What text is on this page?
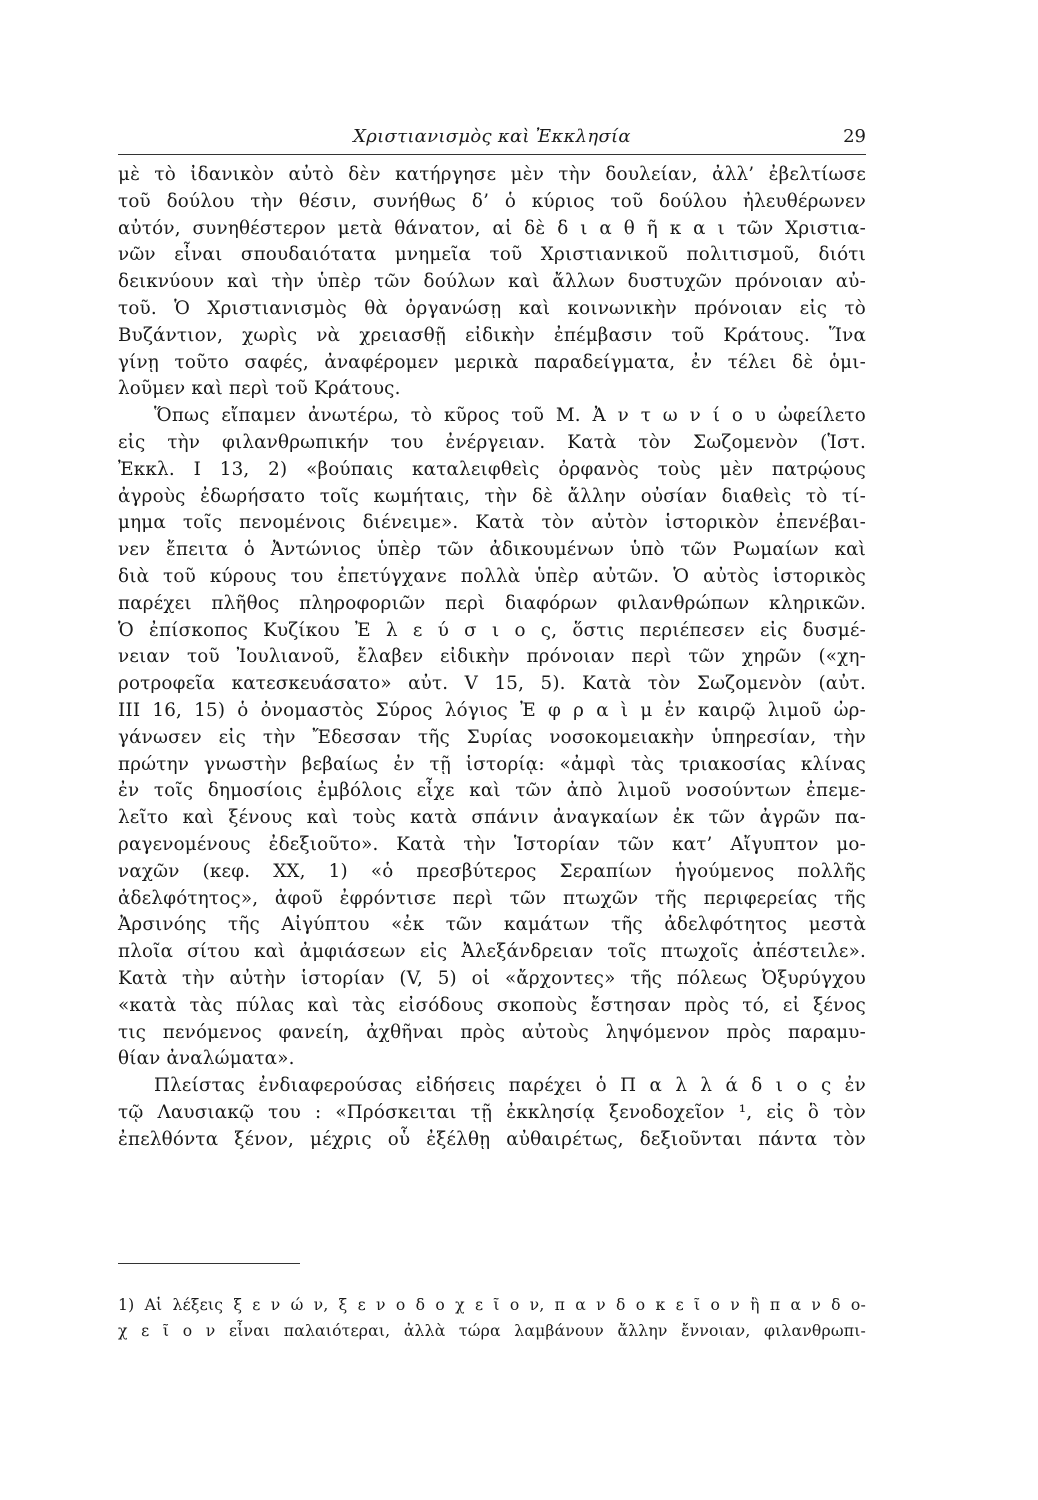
Χριστιανισμὸς καὶ Ἐκκλησία	29
μὲ τὸ ἰδανικὸν αὐτὸ δὲν κατήργησε μὲν τὴν δουλείαν, ἀλλ’ ἐβελτίωσε
τοῦ δούλου τὴν θέσιν, συνήθως δ’ ὁ κύριος τοῦ δούλου ἠλευθέρωνεν
αὐτόν, συνηθέστερον μετὰ θάνατον, αἱ δὲ δ ι α θ ῆ κ α ι τῶν Χριστια-
νῶν εἶναι σπουδαιότατα μνημεῖα τοῦ Χριστιανικοῦ πολιτισμοῦ, διότι
δεικνύουν καὶ τὴν ὑπὲρ τῶν δούλων καὶ ἄλλων δυστυχῶν πρόνοιαν αὐ-
τοῦ. Ὁ Χριστιανισμὸς θὰ ὀργανώσῃ καὶ κοινωνικὴν πρόνοιαν εἰς τὸ
Βυζάντιον, χωρὶς νὰ χρειασθῇ εἰδικὴν ἐπέμβασιν τοῦ Κράτους. Ἵνα
γίνῃ τοῦτο σαφές, ἀναφέρομεν μερικὰ παραδείγματα, ἐν τέλει δὲ ὁμι-
λοῦμεν καὶ περὶ τοῦ Κράτους.
Ὅπως εἴπαμεν ἀνωτέρω, τὸ κῦρος τοῦ Μ. Ἀ ν τ ω ν ί ο υ ὠφείλετο
εἰς τὴν φιλανθρωπικήν του ἐνέργειαν. Κατὰ τὸν Σωζομενὸν (Ἱστ.
Ἐκκλ. Ι 13, 2) «βούπαις καταλειφθεὶς ὀρφανὸς τοὺς μὲν πατρῴους
ἀγροὺς ἐδωρήσατο τοῖς κωμήταις, τὴν δὲ ἄλλην οὐσίαν διαθεὶς τὸ τί-
μημα τοῖς πενομένοις διένειμε». Κατὰ τὸν αὐτὸν ἱστορικὸν ἐπενέβαι-
νεν ἔπειτα ὁ Ἀντώνιος ὑπὲρ τῶν ἀδικουμένων ὑπὸ τῶν Ρωμαίων καὶ
διὰ τοῦ κύρους του ἐπετύγχανε πολλὰ ὑπὲρ αὐτῶν. Ὁ αὐτὸς ἱστορικὸς
παρέχει πλῆθος πληροφοριῶν περὶ διαφόρων φιλανθρώπων κληρικῶν.
Ὁ ἐπίσκοπος Κυζίκου Ἐ λ ε ύ σ ι ο ς, ὅστις περιέπεσεν εἰς δυσμέ-
νειαν τοῦ Ἰουλιανοῦ, ἔλαβεν εἰδικὴν πρόνοιαν περὶ τῶν χηρῶν («χη-
ροτροφεῖα κατεσκευάσατο» αὐτ. V 15, 5). Κατὰ τὸν Σωζομενὸν (αὐτ.
ΙΙΙ 16, 15) ὁ ὀνομαστὸς Σύρος λόγιος Ἐ φ ρ α ὶ μ ἐν καιρῷ λιμοῦ ὠρ-
γάνωσεν εἰς τὴν Ἔδεσσαν τῆς Συρίας νοσοκομειακὴν ὑπηρεσίαν, τὴν
πρώτην γνωστὴν βεβαίως ἐν τῇ ἱστορίᾳ: «ἀμφὶ τὰς τριακοσίας κλίνας
ἐν τοῖς δημοσίοις ἐμβόλοις εἶχε καὶ τῶν ἀπὸ λιμοῦ νοσούντων ἐπεμε-
λεῖτο καὶ ξένους καὶ τοὺς κατὰ σπάνιν ἀναγκαίων ἐκ τῶν ἀγρῶν πα-
ραγενομένους ἐδεξιοῦτο». Κατὰ τὴν Ἱστορίαν τῶν κατ’ Αἴγυπτον μο-
ναχῶν (κεφ. ΧΧ, 1) «ὁ πρεσβύτερος Σεραπίων ἡγούμενος πολλῆς
ἀδελφότητος», ἀφοῦ ἐφρόντισε περὶ τῶν πτωχῶν τῆς περιφερείας τῆς
Ἀρσινόης τῆς Αἰγύπτου «ἐκ τῶν καμάτων τῆς ἀδελφότητος μεστὰ
πλοῖα σίτου καὶ ἀμφιάσεων εἰς Ἀλεξάνδρειαν τοῖς πτωχοῖς ἀπέστειλε».
Κατὰ τὴν αὐτὴν ἱστορίαν (V, 5) οἱ «ἄρχοντες» τῆς πόλεως Ὀξυρύγχου
«κατὰ τὰς πύλας καὶ τὰς εἰσόδους σκοποὺς ἔστησαν πρὸς τό, εἰ ξένος
τις πενόμενος φανείη, ἀχθῆναι πρὸς αὐτοὺς ληψόμενον πρὸς παραμυ-
θίαν ἀναλώματα».
Πλείστας ἐνδιαφερούσας εἰδήσεις παρέχει ὁ Π α λ λ ά δ ι ο ς ἐν
τῷ Λαυσιακῷ του : «Πρόσκειται τῇ ἐκκλησίᾳ ξενοδοχεῖον ¹, εἰς ὃ τὸν
ἐπελθόντα ξένον, μέχρις οὗ ἐξέλθῃ αὐθαιρέτως, δεξιοῦνται πάντα τὸν
1) Αἱ λέξεις ξ ε ν ώ ν, ξ ε ν ο δ ο χ ε ῖ ο ν, π α ν δ ο κ ε ῖ ο ν ἢ π α ν δ ο-
χ ε ῖ ο ν εἶναι παλαιότεραι, ἀλλὰ τώρα λαμβάνουν ἄλλην ἔννοιαν, φιλανθρωπι-
